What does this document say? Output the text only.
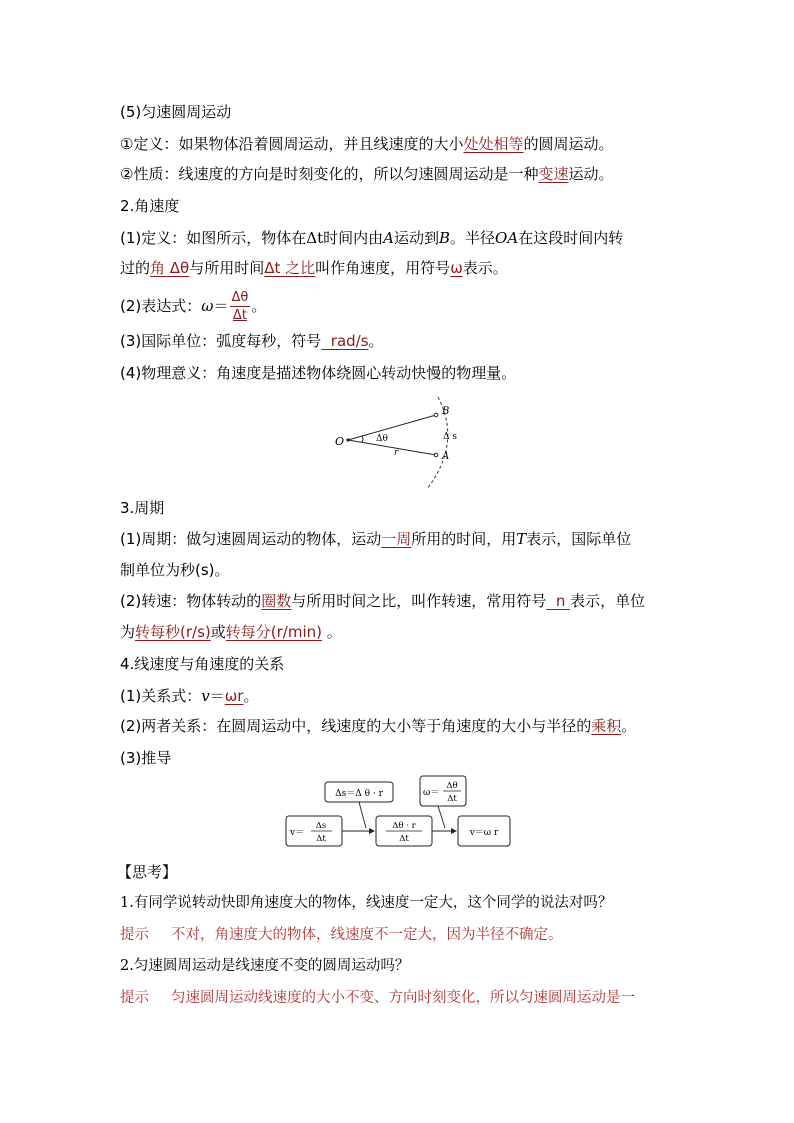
(5)匀速圆周运动
①定义：如果物体沿着圆周运动，并且线速度的大小处处相等的圆周运动。
②性质：线速度的方向是时刻变化的，所以匀速圆周运动是一种变速运动。
2.角速度
(1)定义：如图所示，物体在Δt时间内由A运动到B。半径OA在这段时间内转
过的角 Δθ与所用时间Δt 之比叫作角速度，用符号ω表示。
(2)表达式：$\omega= \frac{\Delta\theta}{\Delta t}$ 。
(3)国际单位：弧度每秒，符号  rad/s。
(4)物理意义：角速度是描述物体绕圆心转动快慢的物理量。
O
B
A
Δ s
Δθ
r
3.周期
(1)周期：做匀速圆周运动的物体，运动一周所用的时间，用T表示，国际单位
制单位为秒(s)。
(2)转速：物体转动的圈数与所用时间之比，叫作转速，常用符号  n 表示，单位
为转每秒(r/s)或转每分(r/min) 。
4.线速度与角速度的关系
(1)关系式：v＝ωr。
(2)两者关系：在圆周运动中，线速度的大小等于角速度的大小与半径的乘积。
(3)推导
Δs＝Δ θ · r	ω＝
Δθ
Δt
v＝
Δs
Δt
Δθ · r
Δt
v＝ω r
【思考】
1.有同学说转动快即角速度大的物体，线速度一定大，这个同学的说法对吗？
提示 不对，角速度大的物体，线速度不一定大，因为半径不确定。
2.匀速圆周运动是线速度不变的圆周运动吗？
提示 匀速圆周运动线速度的大小不变、方向时刻变化，所以匀速圆周运动是一
